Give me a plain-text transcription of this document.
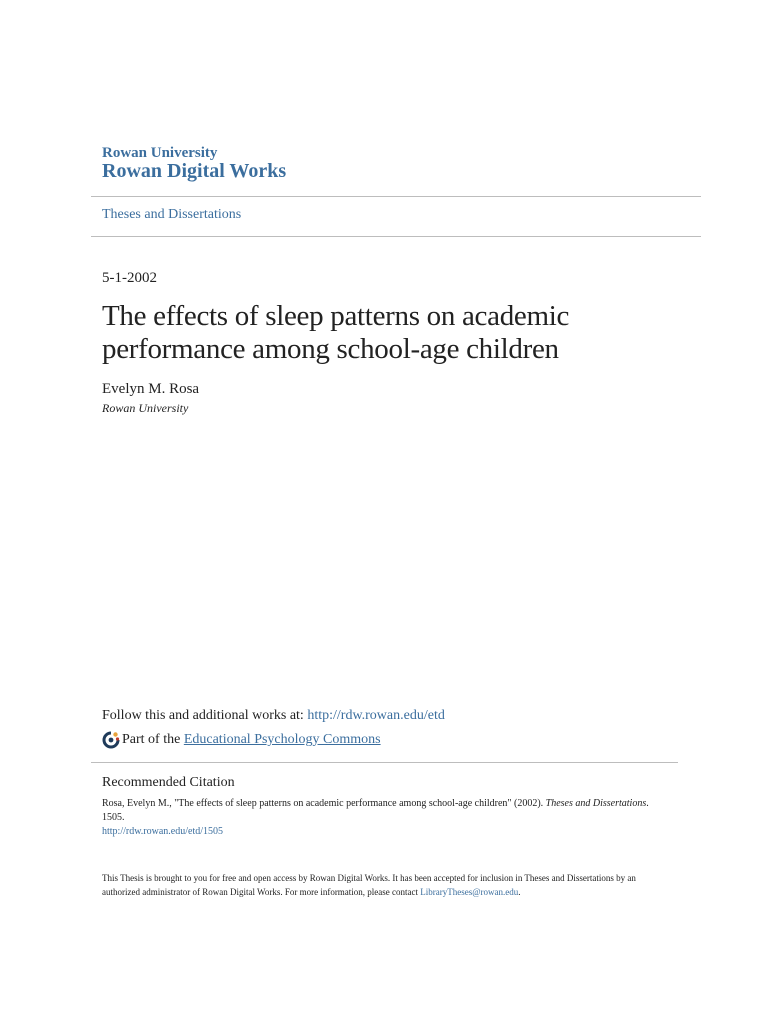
Rowan University
Rowan Digital Works
Theses and Dissertations
5-1-2002
The effects of sleep patterns on academic performance among school-age children
Evelyn M. Rosa
Rowan University
Follow this and additional works at: http://rdw.rowan.edu/etd
Part of the
Educational Psychology Commons
Recommended Citation
Rosa, Evelyn M., "The effects of sleep patterns on academic performance among school-age children" (2002). Theses and Dissertations. 1505.
http://rdw.rowan.edu/etd/1505
This Thesis is brought to you for free and open access by Rowan Digital Works. It has been accepted for inclusion in Theses and Dissertations by an authorized administrator of Rowan Digital Works. For more information, please contact LibraryTheses@rowan.edu.
